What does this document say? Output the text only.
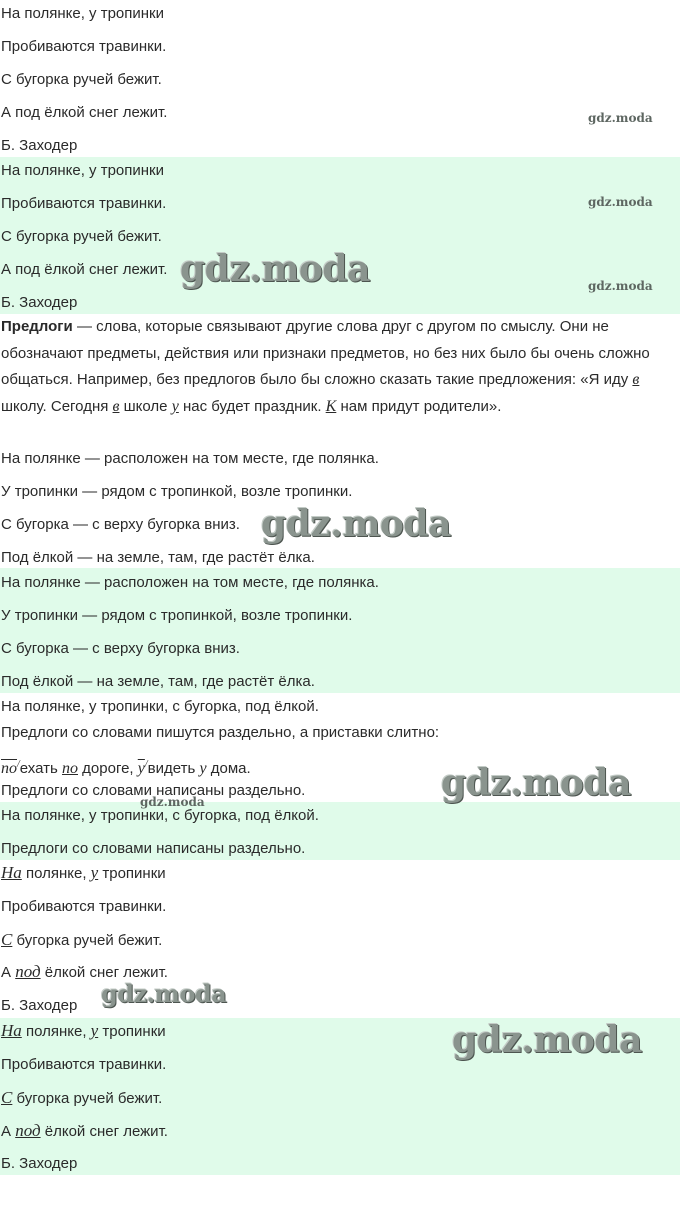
На полянке, у тропинки
Пробиваются травинки.
С бугорка ручей бежит.
А под ёлкой снег лежит.
Б. Заходер
На полянке, у тропинки
Пробиваются травинки.
С бугорка ручей бежит.
А под ёлкой снег лежит.
Б. Заходер
Предлоги — слова, которые связывают другие слова друг с другом по смыслу. Они не обозначают предметы, действия или признаки предметов, но без них было бы очень сложно общаться. Например, без предлогов было бы сложно сказать такие предложения: «Я иду в школу. Сегодня в школе у нас будет праздник. К нам придут родители».
На полянке — расположен на том месте, где полянка.
У тропинки — рядом с тропинкой, возле тропинки.
С бугорка — с верху бугорка вниз.
Под ёлкой — на земле, там, где растёт ёлка.
На полянке — расположен на том месте, где полянка.
У тропинки — рядом с тропинкой, возле тропинки.
С бугорка — с верху бугорка вниз.
Под ёлкой — на земле, там, где растёт ёлка.
На полянке, у тропинки, с бугорка, под ёлкой.
Предлоги со словами пишутся раздельно, а приставки слитно:
по/ехать по дороге, у/видеть у дома.
Предлоги со словами написаны раздельно.
На полянке, у тропинки, с бугорка, под ёлкой.
Предлоги со словами написаны раздельно.
На полянке, у тропинки
Пробиваются травинки.
С бугорка ручей бежит.
А под ёлкой снег лежит.
Б. Заходер
На полянке, у тропинки
Пробиваются травинки.
С бугорка ручей бежит.
А под ёлкой снег лежит.
Б. Заходер
gdz.moda
gdz.moda
gdz.moda
gdz.moda
gdz.moda
gdz.moda
gdz.moda
gdz.moda
gdz.moda
